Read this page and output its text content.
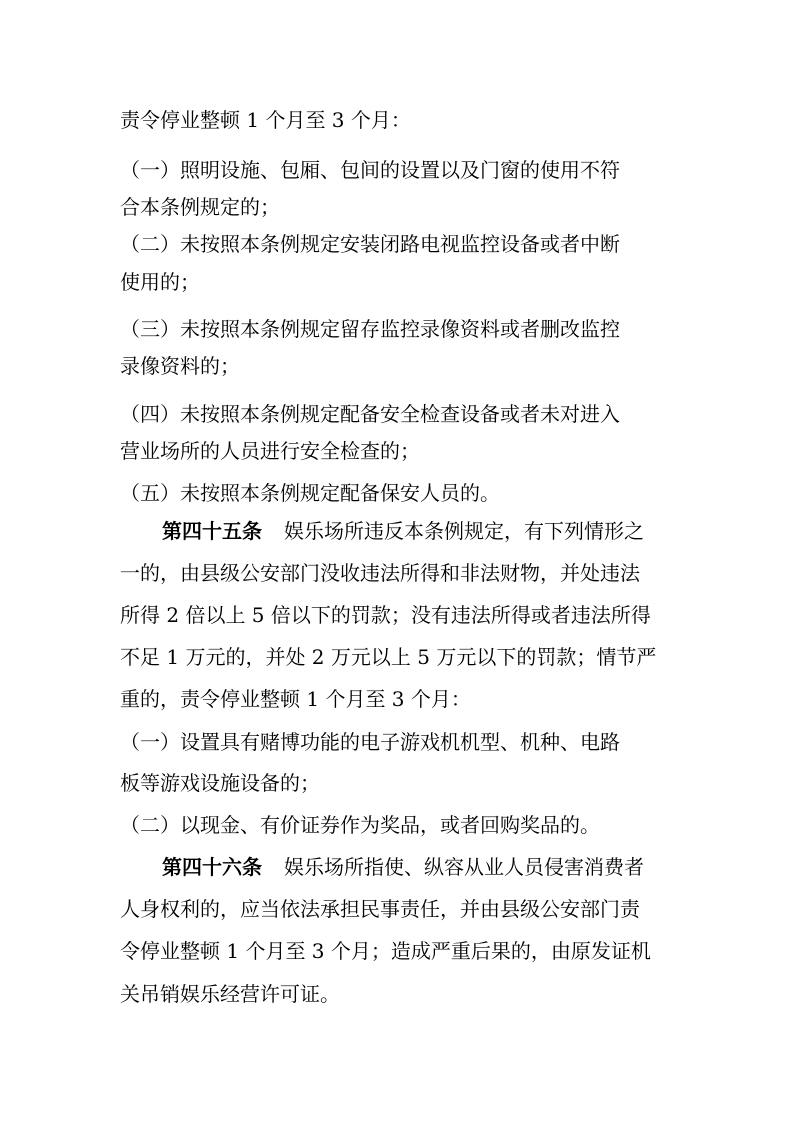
责令停业整顿 1 个月至 3 个月：
（一）照明设施、包厢、包间的设置以及门窗的使用不符
合本条例规定的；
（二）未按照本条例规定安装闭路电视监控设备或者中断
使用的；
（三）未按照本条例规定留存监控录像资料或者删改监控
录像资料的；
（四）未按照本条例规定配备安全检查设备或者未对进入
营业场所的人员进行安全检查的；
（五）未按照本条例规定配备保安人员的。
第四十五条 娱乐场所违反本条例规定，有下列情形之
一的，由县级公安部门没收违法所得和非法财物，并处违法
所得 2 倍以上 5 倍以下的罚款；没有违法所得或者违法所得
不足 1 万元的，并处 2 万元以上 5 万元以下的罚款；情节严
重的，责令停业整顿 1 个月至 3 个月：
（一）设置具有赌博功能的电子游戏机机型、机种、电路
板等游戏设施设备的；
（二）以现金、有价证券作为奖品，或者回购奖品的。
第四十六条 娱乐场所指使、纵容从业人员侵害消费者
人身权利的，应当依法承担民事责任，并由县级公安部门责
令停业整顿 1 个月至 3 个月；造成严重后果的，由原发证机
关吊销娱乐经营许可证。
